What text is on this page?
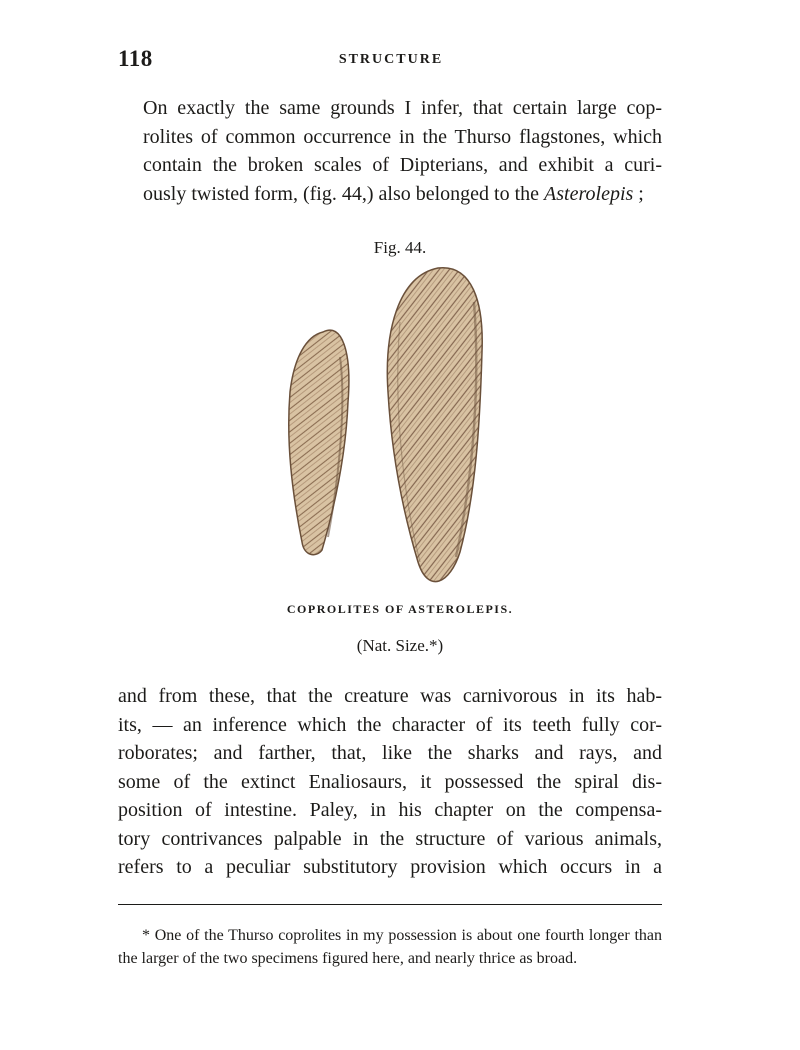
118	STRUCTURE
On exactly the same grounds I infer, that certain large cop-
rolites of common occurrence in the Thurso flagstones, which
contain the broken scales of Dipterians, and exhibit a curi-
ously twisted form, (fig. 44,) also belonged to the Asterolepis ;
Fig. 44.
COPROLITES OF ASTEROLEPIS.
(Nat. Size.*)
and from these, that the creature was carnivorous in its hab-
its, — an inference which the character of its teeth fully cor-
roborates; and farther, that, like the sharks and rays, and
some of the extinct Enaliosaurs, it possessed the spiral dis-
position of intestine. Paley, in his chapter on the compensa-
tory contrivances palpable in the structure of various animals,
refers to a peculiar substitutory provision which occurs in a
* One of the Thurso coprolites in my possession is about one fourth longer than the larger of the two specimens figured here, and nearly thrice as broad.
